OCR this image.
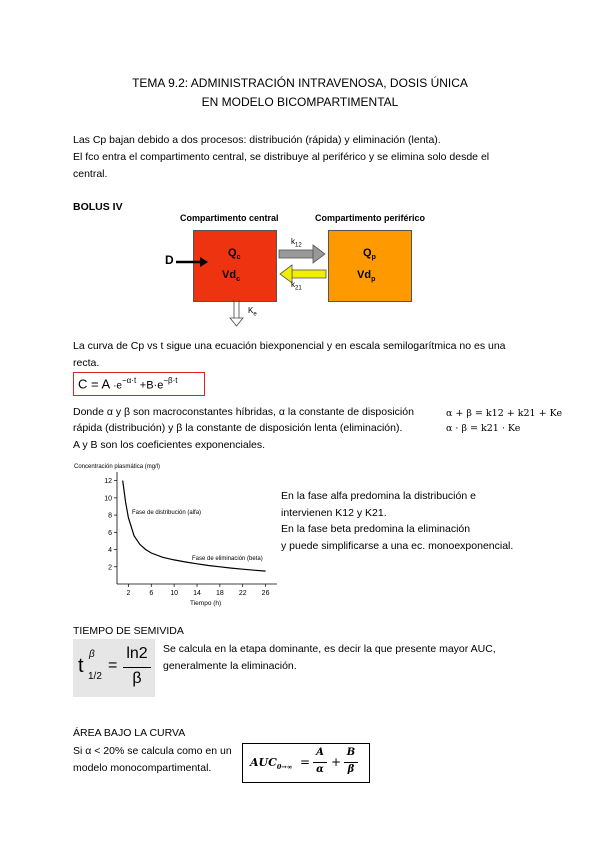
TEMA 9.2: ADMINISTRACIÓN INTRAVENOSA, DOSIS ÚNICA
EN MODELO BICOMPARTIMENTAL
Las Cp bajan debido a dos procesos: distribución (rápida) y eliminación (lenta).
El fco entra el compartimento central, se distribuye al periférico y se elimina solo desde el
central.
BOLUS IV
Compartimento central	Compartimento periférico
$Q_c$
$Vd_c$
$Q_p$
$Vd_p$
D
$k_{12}$
$k_{21}$
$K_e$
La curva de Cp vs t sigue una ecuación biexponencial y en escala semilogarítmica no es una
recta.
$C = A \cdot e^{-\alpha\cdot t} +B\cdot e^{-\beta\cdot t}$
Donde α y β son macroconstantes híbridas, α la constante de disposición
rápida (distribución) y β la constante de disposición lenta (eliminación).
A y B son los coeficientes exponenciales.
α + β = k12 + k21 + Ke
α · β = k21 · Ke
Concentración plasmática (mg/l)
12
10
8
6
4
2
2	6 10 14 18 22 26
Fase de distribución (alfa)
Fase de eliminación (beta)
Tiempo (h)
En la fase alfa predomina la distribución e
intervienen K12 y K21.
En la fase beta predomina la eliminación
y puede simplificarse a una ec. monoexponencial.
TIEMPO DE SEMIVIDA
t
β
1/2
=
ln2
β
Se calcula en la etapa dominante, es decir la que presente mayor AUC,
generalmente la eliminación.
ÁREA BAJO LA CURVA
Si α < 20% se calcula como en un
modelo monocompartimental.	$AUC_{0\to\infty}$ =
A
α
+
B
β
